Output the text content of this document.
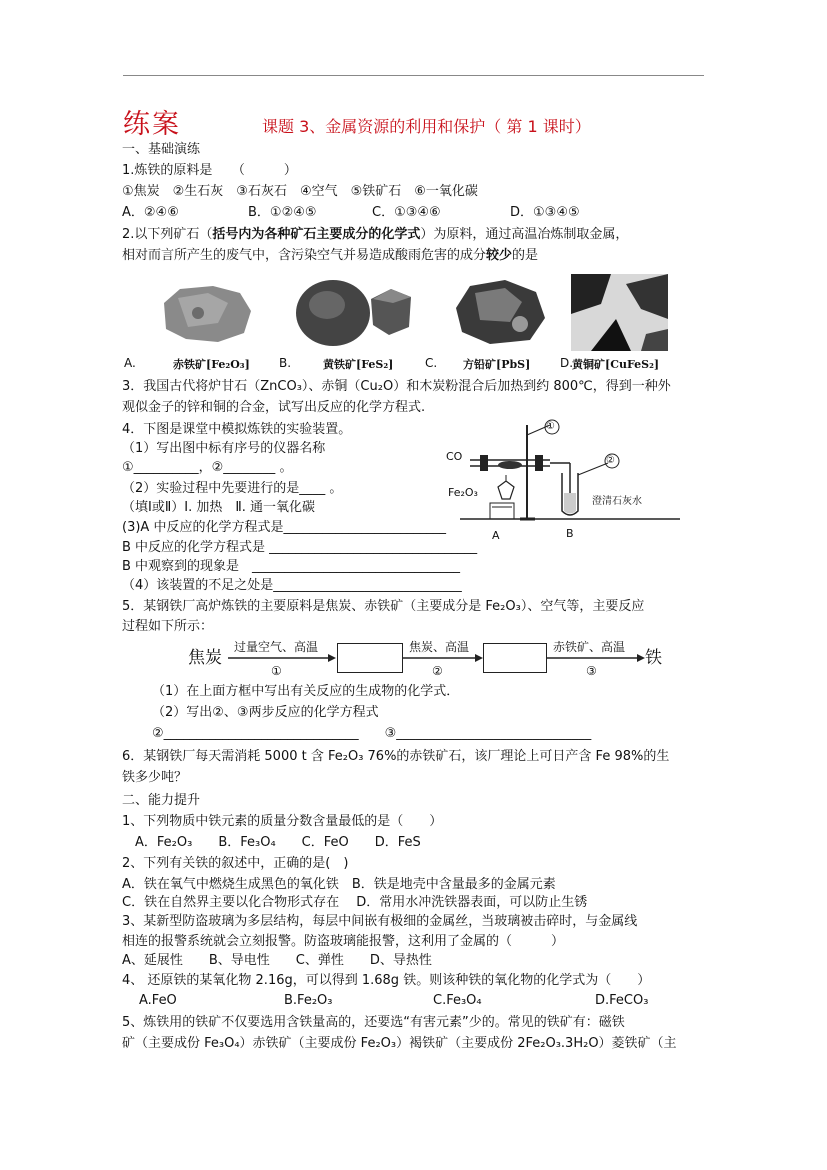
练案	课题 3、金属资源的利用和保护（ 第 1 课时）
一、基础演练
1.炼铁的原料是　　（　　　）
①焦炭　②生石灰　③石灰石　④空气　⑤铁矿石　⑥一氧化碳
A．②④⑥	B．①②④⑤	C．①③④⑥	D．①③④⑤
2.以下列矿石（括号内为各种矿石主要成分的化学式）为原料，通过高温冶炼制取金属，
相对而言所产生的废气中，含污染空气并易造成酸雨危害的成分较少的是
A.	赤铁矿[Fe₂O₃] B.	黄铁矿[FeS₂]	C. 方铅矿[PbS] D.
黄铜矿[CuFeS₂]
3．我国古代将炉甘石（ZnCO₃）、赤铜（Cu₂O）和木炭粉混合后加热到约 800℃，得到一种外
观似金子的锌和铜的合金，试写出反应的化学方程式.
4．下图是课堂中模拟炼铁的实验装置。
（1）写出图中标有序号的仪器名称
①__________，②________ 。
（2）实验过程中先要进行的是____ 。
（填Ⅰ或Ⅱ）Ⅰ. 加热　Ⅱ. 通一氧化碳
(3)A 中反应的化学方程式是_________________________
B 中反应的化学方程式是 ________________________________
B 中观察到的现象是　________________________________
（4）该装置的不足之处是_____________________________
CO
Fe₂O₃
澄清石灰水
A	B
①
②
5．某钢铁厂高炉炼铁的主要原料是焦炭、赤铁矿（主要成分是 Fe₂O₃）、空气等，主要反应
过程如下所示：
焦炭
过量空气、高温
①
焦炭、高温
②
赤铁矿、高温
③
铁
（1）在上面方框中写出有关反应的生成物的化学式．
（2）写出②、③两步反应的化学方程式
②______________________________　　③______________________________
6．某钢铁厂每天需消耗 5000 t 含 Fe₂O₃ 76%的赤铁矿石，该厂理论上可日产含 Fe 98%的生
铁多少吨？
二、能力提升
1、下列物质中铁元素的质量分数含量最低的是（　　）
　A．Fe₂O₃　　B．Fe₃O₄　　C．FeO　　D．FeS
2、下列有关铁的叙述中，正确的是(　)
A．铁在氧气中燃烧生成黑色的氧化铁　B．铁是地壳中含量最多的金属元素
C．铁在自然界主要以化合物形式存在　 D．常用水冲洗铁器表面，可以防止生锈
3、某新型防盗玻璃为多层结构，每层中间嵌有极细的金属丝，当玻璃被击碎时，与金属线
相连的报警系统就会立刻报警。防盗玻璃能报警，这利用了金属的（　　　）
A、延展性　　B、导电性　　C、弹性　　D、导热性
4、 还原铁的某氧化物 2.16g，可以得到 1.68g 铁。则该种铁的氧化物的化学式为（　　）
A.FeO	B.Fe₂O₃	C.Fe₃O₄	D.FeCO₃
5、炼铁用的铁矿不仅要选用含铁量高的，还要选“有害元素”少的。常见的铁矿有：磁铁
矿（主要成份 Fe₃O₄）赤铁矿（主要成份 Fe₂O₃）褐铁矿（主要成份 2Fe₂O₃.3H₂O）菱铁矿（主
